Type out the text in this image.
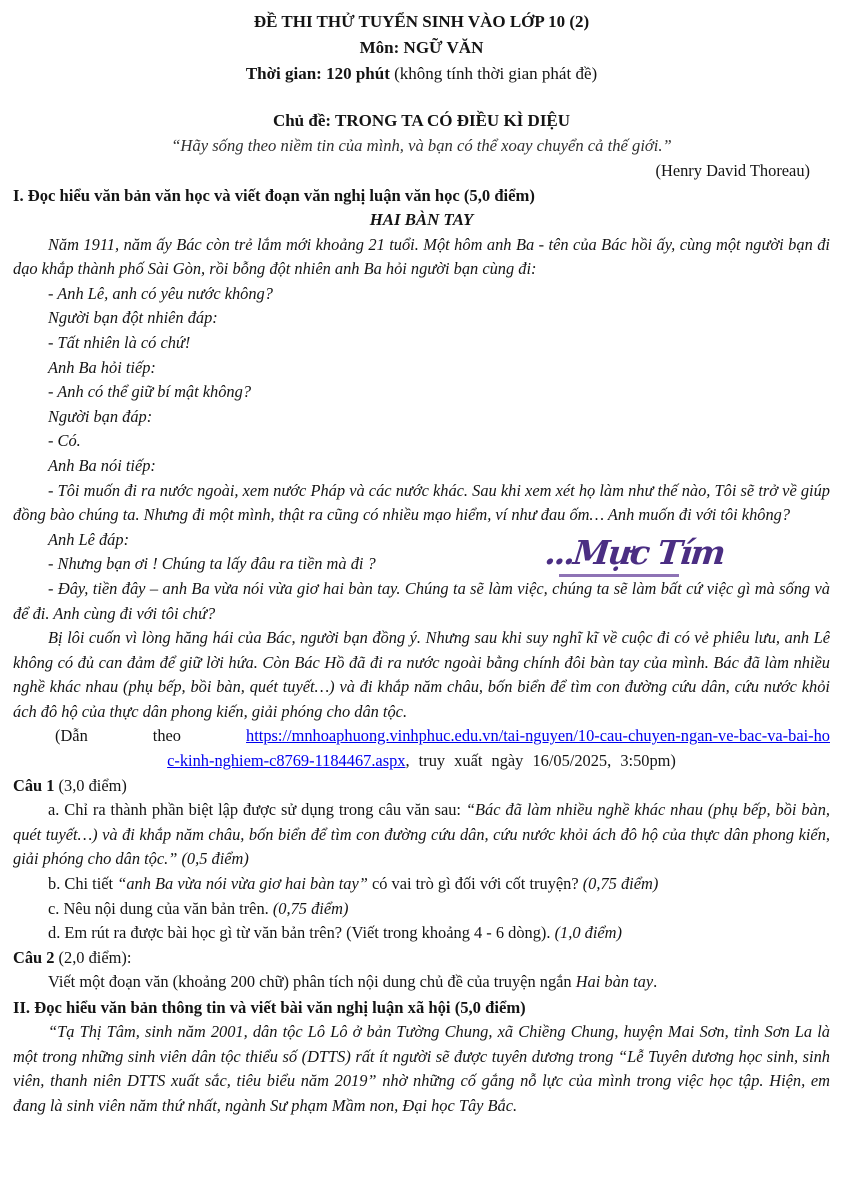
ĐỀ THI THỬ TUYỂN SINH VÀO LỚP 10 (2)
Môn: NGỮ VĂN
Thời gian: 120 phút (không tính thời gian phát đề)
Chủ đề: TRONG TA CÓ ĐIỀU KÌ DIỆU
“Hãy sống theo niềm tin của mình, và bạn có thể xoay chuyển cả thế giới.”
(Henry David Thoreau)
I. Đọc hiểu văn bản văn học và viết đoạn văn nghị luận văn học (5,0 điểm)
HAI BÀN TAY

Năm 1911, năm ấy Bác còn trẻ lắm mới khoảng 21 tuổi. Một hôm anh Ba - tên của Bác hồi ấy, cùng một người bạn đi dạo khắp thành phố Sài Gòn, rồi bỗng đột nhiên anh Ba hỏi người bạn cùng đi:

- Anh Lê, anh có yêu nước không?

Người bạn đột nhiên đáp:

- Tất nhiên là có chứ!

Anh Ba hỏi tiếp:

- Anh có thể giữ bí mật không?

Người bạn đáp:

- Có.

Anh Ba nói tiếp:

- Tôi muốn đi ra nước ngoài, xem nước Pháp và các nước khác. Sau khi xem xét họ làm như thế nào, Tôi sẽ trở về giúp đồng bào chúng ta. Nhưng đi một mình, thật ra cũng có nhiều mạo hiểm, ví như đau ốm… Anh muốn đi với tôi không?

Anh Lê đáp:

- Nhưng bạn ơi ! Chúng ta lấy đâu ra tiền mà đi ?

- Đây, tiền đây – anh Ba vừa nói vừa giơ hai bàn tay. Chúng ta sẽ làm việc, chúng ta sẽ làm bất cứ việc gì mà sống và để đi. Anh cùng đi với tôi chứ?

Bị lôi cuốn vì lòng hăng hái của Bác, người bạn đồng ý. Nhưng sau khi suy nghĩ kĩ về cuộc đi có vẻ phiêu lưu, anh Lê không có đủ can đảm để giữ lời hứa. Còn Bác Hồ đã đi ra nước ngoài bằng chính đôi bàn tay của mình. Bác đã làm nhiều nghề khác nhau (phụ bếp, bồi bàn, quét tuyết…) và đi khắp năm châu, bốn biển để tìm con đường cứu dân, cứu nước khỏi ách đô hộ của thực dân phong kiến, giải phóng cho dân tộc.

(Dẫn	theo	https://mnhoaphuong.vinhphuc.edu.vn/tai-nguyen/10-cau-chuyen-ngan-ve-bac-va-bai-ho

c-kinh-nghiem-c8769-1184467.aspx, truy xuất ngày 16/05/2025, 3:50pm)

Câu 1 (3,0 điểm)

a. Chỉ ra thành phần biệt lập được sử dụng trong câu văn sau: “Bác đã làm nhiều nghề khác nhau (phụ bếp, bồi bàn, quét tuyết…) và đi khắp năm châu, bốn biển để tìm con đường cứu dân, cứu nước khỏi ách đô hộ của thực dân phong kiến, giải phóng cho dân tộc.” (0,5 điểm)

b. Chi tiết “anh Ba vừa nói vừa giơ hai bàn tay” có vai trò gì đối với cốt truyện? (0,75 điểm)

c. Nêu nội dung của văn bản trên. (0,75 điểm)

d. Em rút ra được bài học gì từ văn bản trên? (Viết trong khoảng 4 - 6 dòng). (1,0 điểm)

Câu 2 (2,0 điểm):

Viết một đoạn văn (khoảng 200 chữ) phân tích nội dung chủ đề của truyện ngắn Hai bàn tay.

II. Đọc hiểu văn bản thông tin và viết bài văn nghị luận xã hội (5,0 điểm)

“Tạ Thị Tâm, sinh năm 2001, dân tộc Lô Lô ở bản Tường Chung, xã Chiềng Chung, huyện Mai Sơn, tỉnh Sơn La là một trong những sinh viên dân tộc thiểu số (DTTS) rất ít người sẽ được tuyên dương trong “Lễ Tuyên dương học sinh, sinh viên, thanh niên DTTS xuất sắc, tiêu biểu năm 2019” nhờ những cố gắng nỗ lực của mình trong việc học tập. Hiện, em đang là sinh viên năm thứ nhất, ngành Sư phạm Mầm non, Đại học Tây Bắc.

...Mực Tím
